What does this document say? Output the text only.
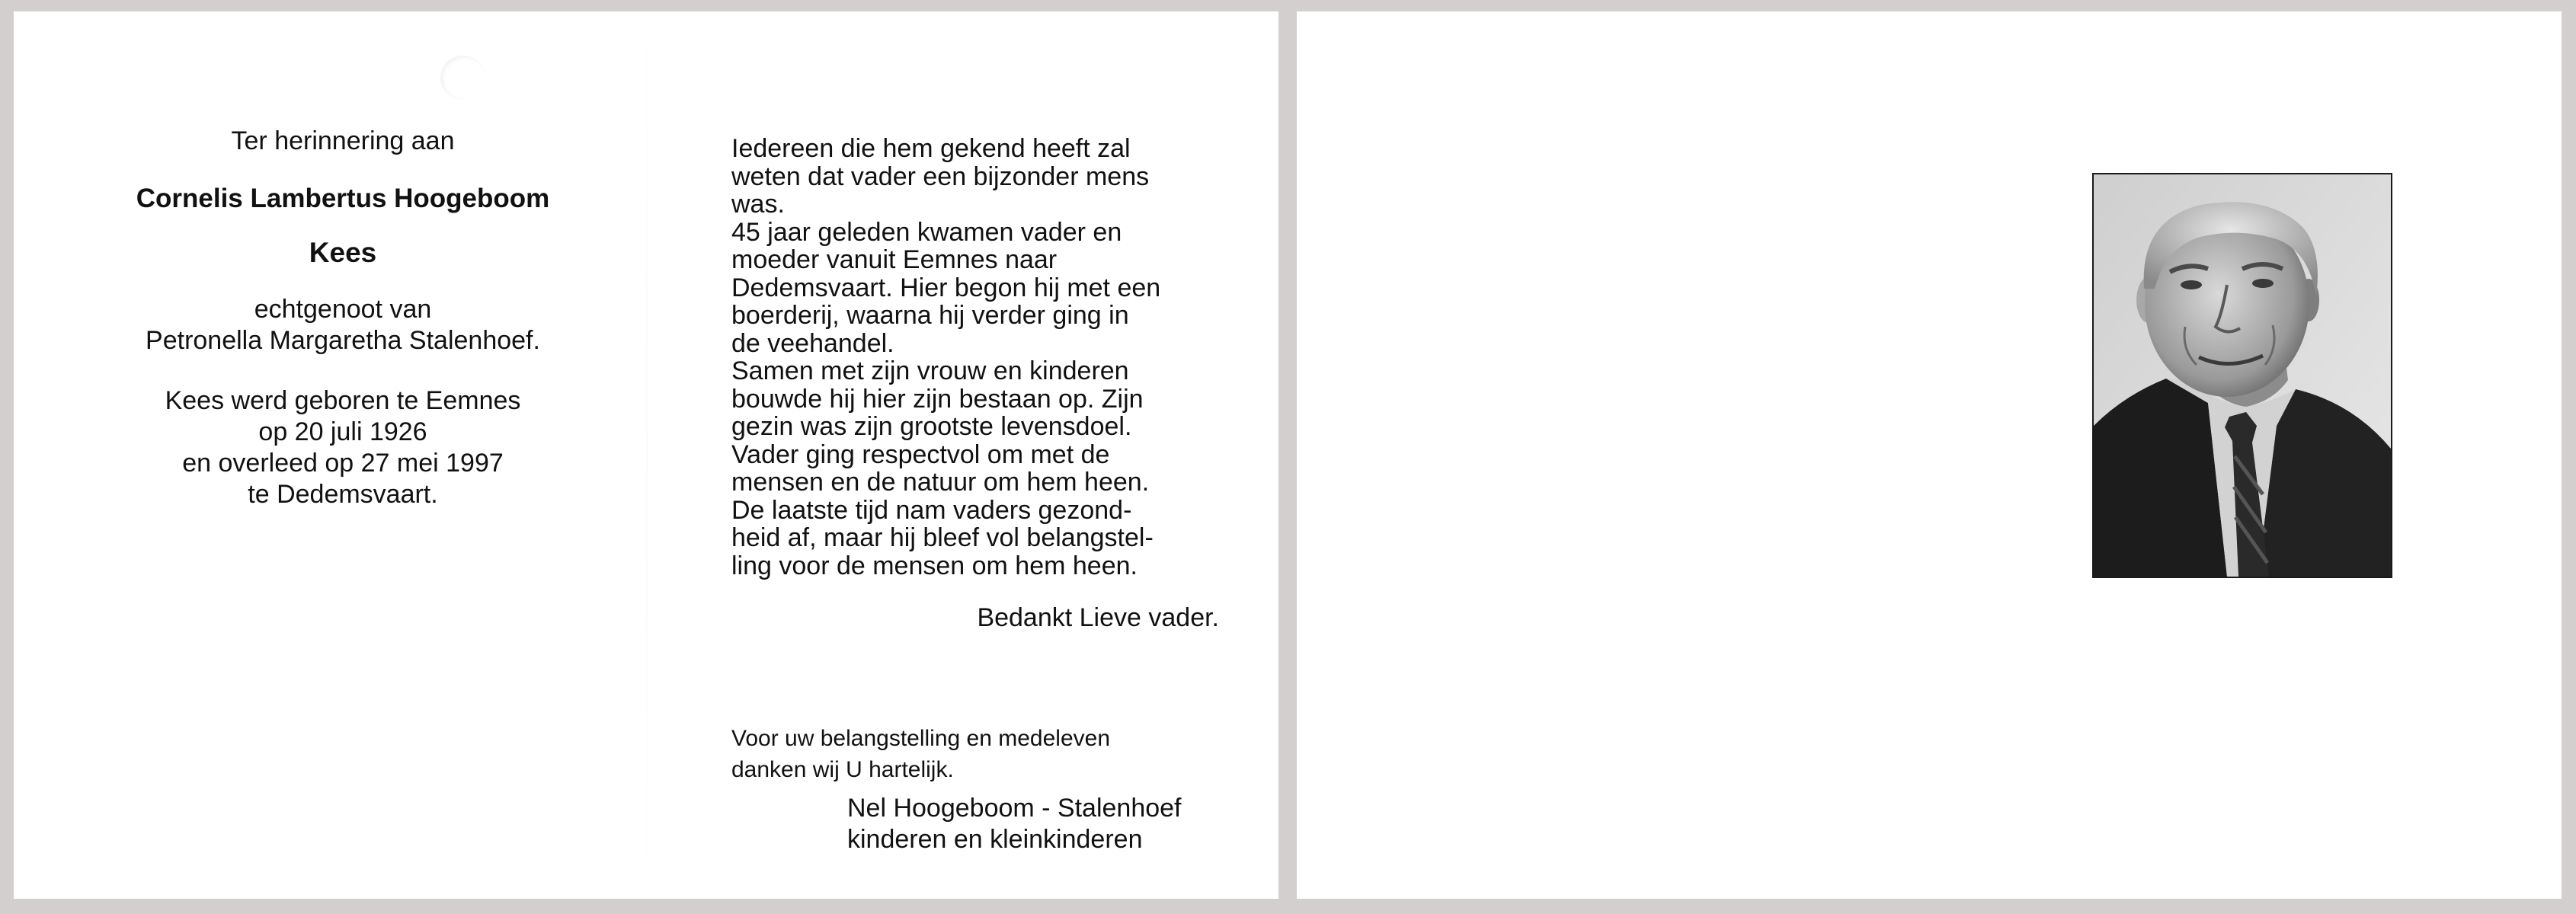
Ter herinnering aan
Cornelis Lambertus Hoogeboom
Kees
echtgenoot van
Petronella Margaretha Stalenhoef.
Kees werd geboren te Eemnes
op 20 juli 1926
en overleed op 27 mei 1997
te Dedemsvaart.
Iedereen die hem gekend heeft zal
weten dat vader een bijzonder mens
was.
45 jaar geleden kwamen vader en
moeder vanuit Eemnes naar
Dedemsvaart. Hier begon hij met een
boerderij, waarna hij verder ging in
de veehandel.
Samen met zijn vrouw en kinderen
bouwde hij hier zijn bestaan op. Zijn
gezin was zijn grootste levensdoel.
Vader ging respectvol om met de
mensen en de natuur om hem heen.
De laatste tijd nam vaders gezond-
heid af, maar hij bleef vol belangstel-
ling voor de mensen om hem heen.
Bedankt Lieve vader.
Voor uw belangstelling en medeleven
danken wij U hartelijk.
Nel Hoogeboom - Stalenhoef
kinderen en kleinkinderen
